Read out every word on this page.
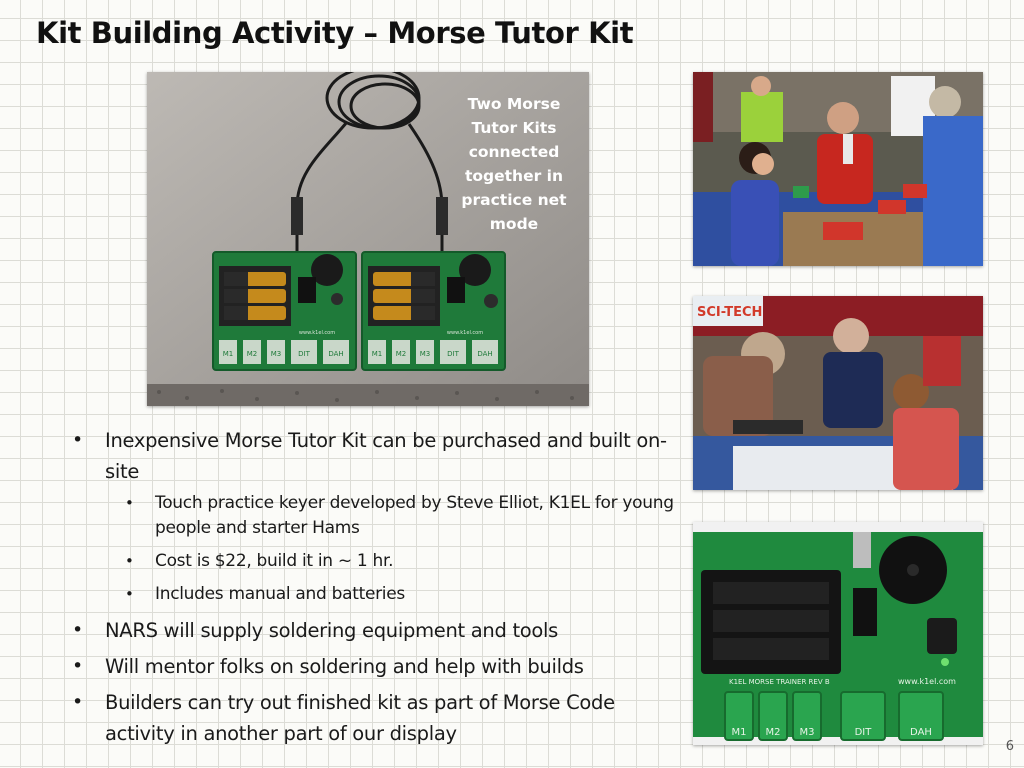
Kit Building Activity – Morse Tutor Kit
M1 M2 M3 DIT	DAH
www.k1el.com
M1 M2 M3 DIT	DAH
www.k1el.com
Two Morse Tutor Kits connected together in practice net mode
SCI-TECH
K1EL MORSE TRAINER REV B	www.k1el.com
M1 M2 M3	DIT	DAH
• Inexpensive Morse Tutor Kit can be purchased and built on-site
• Touch practice keyer developed by Steve Elliot, K1EL for young people and starter Hams
• Cost is $22, build it in ~ 1 hr.
• Includes manual and batteries
• NARS will supply soldering equipment and tools
• Will mentor folks on soldering and help with builds
• Builders can try out finished kit as part of Morse Code activity in another part of our display
6
